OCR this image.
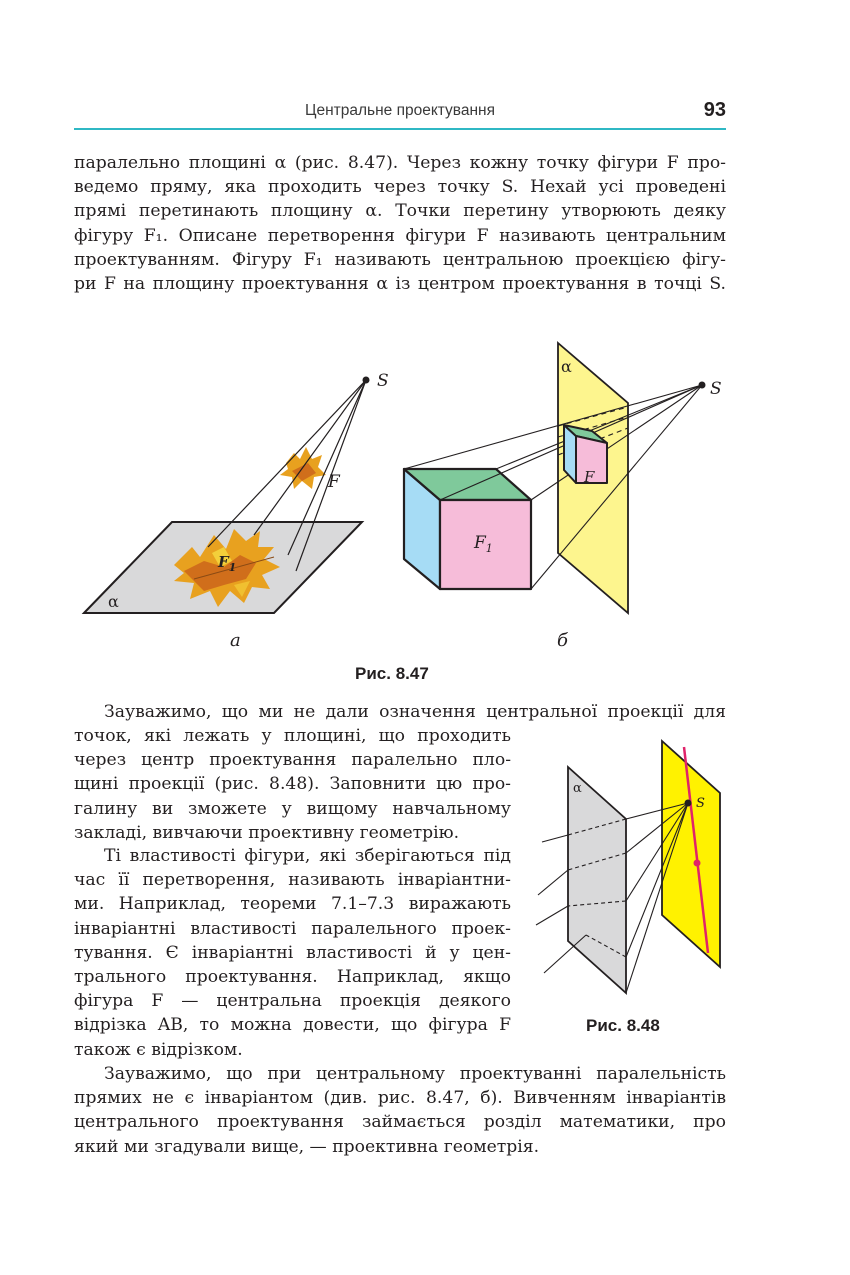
Центральне проектування	93

паралельно площині α (рис. 8.47). Через кожну точку фігури F про-
ведемо пряму, яка проходить через точку S. Нехай усі проведені
прямі перетинають площину α. Точки перетину утворюють деяку
фігуру F₁. Описане перетворення фігури F називають центральним
проектуванням. Фігуру F₁ називають центральною проекцією фігу-
ри F на площину проектування α із центром проектування в точці S.

S
F
$F_1$
α
α
$F_1$
F
S
а	б
Рис. 8.47

Зауважимо, що ми не дали означення центральної проекції для

точок, які лежать у площині, що проходить
через центр проектування паралельно пло-
щині проекції (рис. 8.48). Заповнити цю про-
галину ви зможете у вищому навчальному
закладі, вивчаючи проективну геометрію.

Ті властивості фігури, які зберігаються під
час її перетворення, називають інваріантни-
ми. Наприклад, теореми 7.1–7.3 виражають
інваріантні властивості паралельного проек-
тування. Є інваріантні властивості й у цен-
трального проектування. Наприклад, якщо
фігура F — центральна проекція деякого
відрізка AB, то можна довести, що фігура F
також є відрізком.

α
S
Рис. 8.48

Зауважимо, що при центральному проектуванні паралельність
прямих не є інваріантом (див. рис. 8.47, б). Вивченням інваріантів
центрального проектування займається розділ математики, про
який ми згадували вище, — проективна геометрія.
